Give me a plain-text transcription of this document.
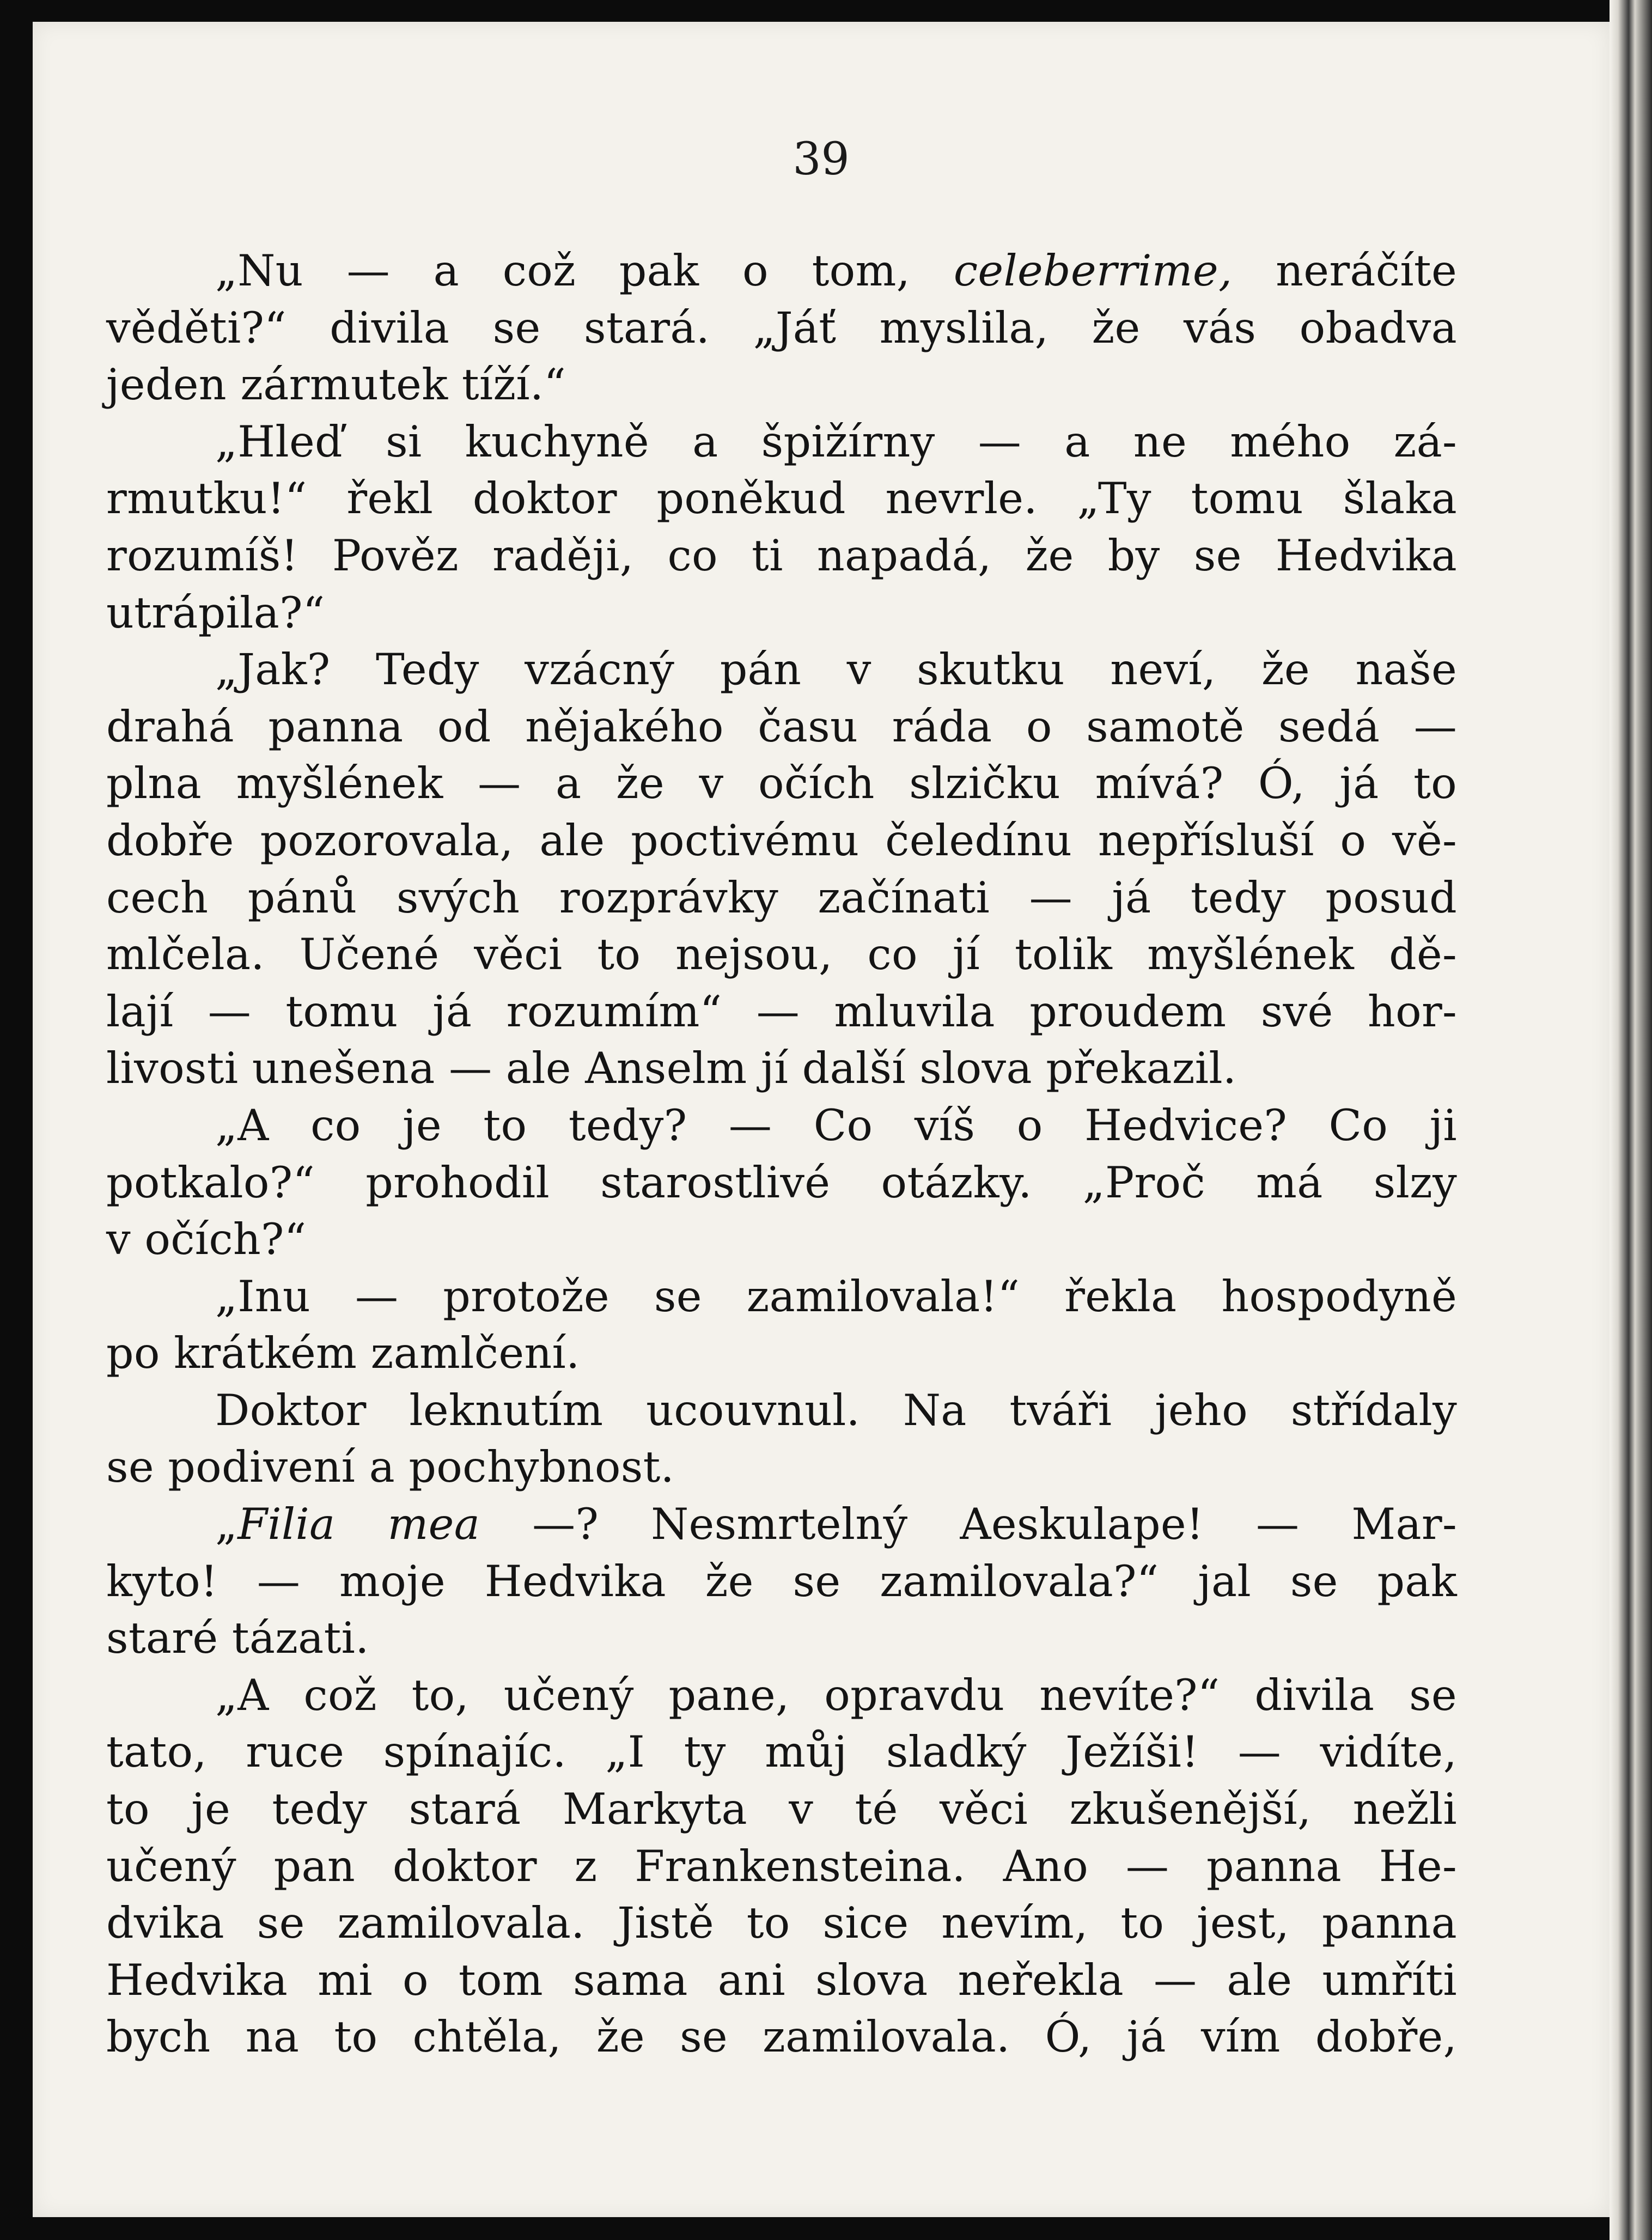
39

„Nu — a což pak o tom, celeberrime, neráčíte
věděti?“ divila se stará. „Jáť myslila, že vás obadva
jeden zármutek tíží.“
„Hleď si kuchyně a špižírny — a ne mého zá-
rmutku!“ řekl doktor poněkud nevrle. „Ty tomu šlaka
rozumíš! Pověz raději, co ti napadá, že by se Hedvika
utrápila?“
„Jak? Tedy vzácný pán v skutku neví, že naše
drahá panna od nějakého času ráda o samotě sedá —
plna myšlének — a že v očích slzičku mívá? Ó, já to
dobře pozorovala, ale poctivému čeledínu nepřísluší o vě-
cech pánů svých rozprávky začínati — já tedy posud
mlčela. Učené věci to nejsou, co jí tolik myšlének dě-
lají — tomu já rozumím“ — mluvila proudem své hor-
livosti unešena — ale Anselm jí další slova překazil.
„A co je to tedy? — Co víš o Hedvice? Co ji
potkalo?“ prohodil starostlivé otázky. „Proč má slzy
v očích?“
„Inu — protože se zamilovala!“ řekla hospodyně
po krátkém zamlčení.
Doktor leknutím ucouvnul. Na tváři jeho střídaly
se podivení a pochybnost.
„Filia mea —? Nesmrtelný Aeskulape! — Mar-
kyto! — moje Hedvika že se zamilovala?“ jal se pak
staré tázati.
„A což to, učený pane, opravdu nevíte?“ divila se
tato, ruce spínajíc. „I ty můj sladký Ježíši! — vidíte,
to je tedy stará Markyta v té věci zkušenější, nežli
učený pan doktor z Frankensteina. Ano — panna He-
dvika se zamilovala. Jistě to sice nevím, to jest, panna
Hedvika mi o tom sama ani slova neřekla — ale umříti
bych na to chtěla, že se zamilovala. Ó, já vím dobře,
